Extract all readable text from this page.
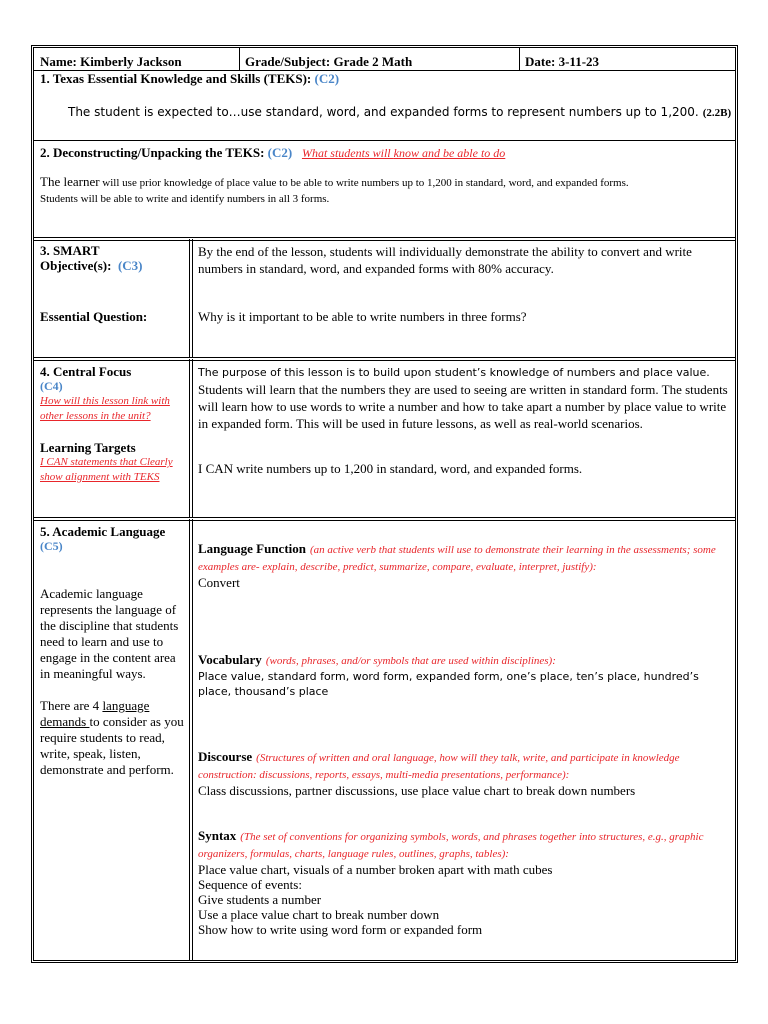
Name: Kimberly Jackson	Grade/Subject: Grade 2 Math	Date: 3-11-23
1. Texas Essential Knowledge and Skills (TEKS): (C2)
The student is expected to…use standard, word, and expanded forms to represent numbers up to 1,200. (2.2B)
2. Deconstructing/Unpacking the TEKS: (C2) What students will know and be able to do
The learner will use prior knowledge of place value to be able to write numbers up to 1,200 in standard, word, and expanded forms.
Students will be able to write and identify numbers in all 3 forms.
3. SMART
Objective(s): (C3)
Essential Question:
By the end of the lesson, students will individually demonstrate the ability to convert and write numbers in standard, word, and expanded forms with 80% accuracy.
Why is it important to be able to write numbers in three forms?
4. Central Focus
(C4)
How will this lesson link with other lessons in the unit?
Learning Targets
I CAN statements that Clearly show alignment with TEKS
The purpose of this lesson is to build upon student’s knowledge of numbers and place value.
Students will learn that the numbers they are used to seeing are written in standard form. The students will learn how to use words to write a number and how to take apart a number by place value to write in expanded form. This will be used in future lessons, as well as real-world scenarios.
I CAN write numbers up to 1,200 in standard, word, and expanded forms.
5. Academic Language
(C5)
Academic language represents the language of the discipline that students need to learn and use to engage in the content area in meaningful ways.
There are 4 language demands to consider as you require students to read, write, speak, listen, demonstrate and perform.
Language Function (an active verb that students will use to demonstrate their learning in the assessments; some examples are- explain, describe, predict, summarize, compare, evaluate, interpret, justify):
Convert
Vocabulary (words, phrases, and/or symbols that are used within disciplines):
Place value, standard form, word form, expanded form, one’s place, ten’s place, hundred’s place, thousand’s place
Discourse (Structures of written and oral language, how will they talk, write, and participate in knowledge construction: discussions, reports, essays, multi-media presentations, performance):
Class discussions, partner discussions, use place value chart to break down numbers
Syntax (The set of conventions for organizing symbols, words, and phrases together into structures, e.g., graphic organizers, formulas, charts, language rules, outlines, graphs, tables):
Place value chart, visuals of a number broken apart with math cubes
Sequence of events:
Give students a number
Use a place value chart to break number down
Show how to write using word form or expanded form
